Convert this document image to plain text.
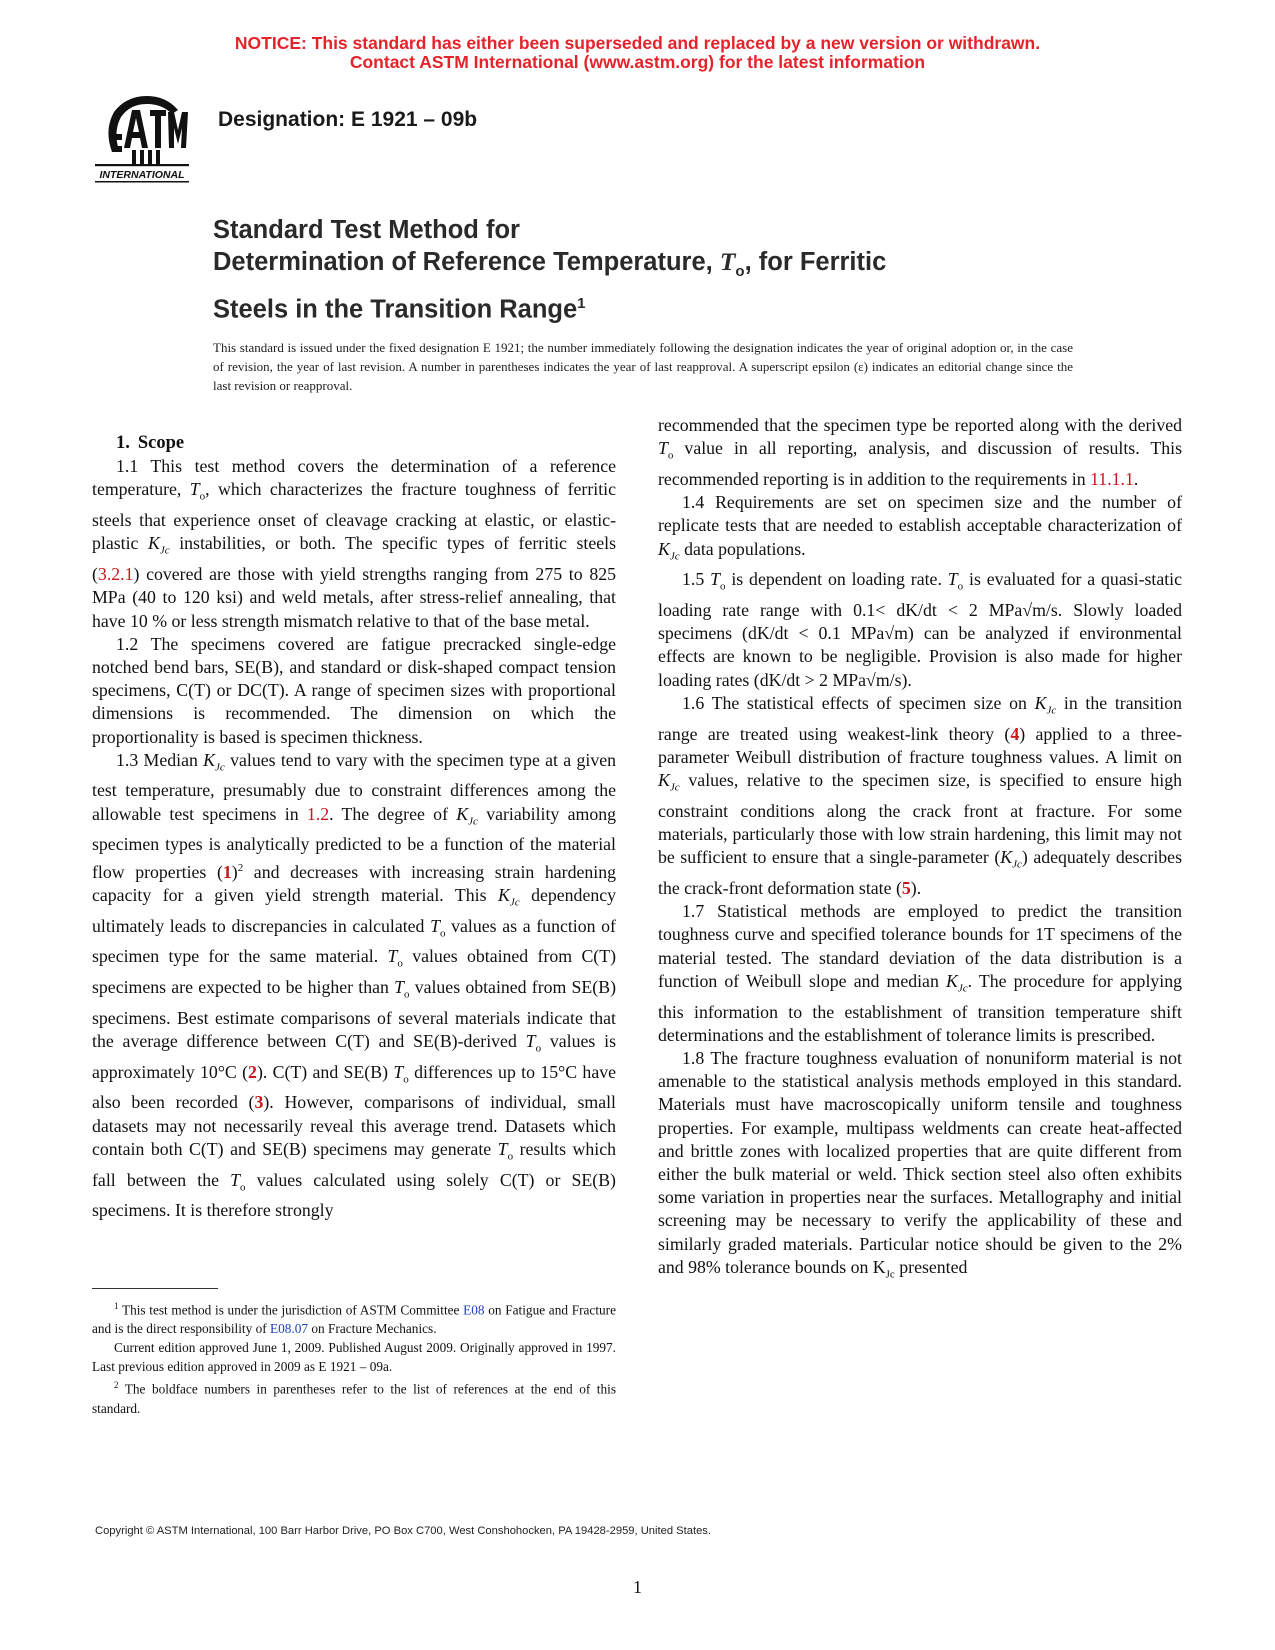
NOTICE: This standard has either been superseded and replaced by a new version or withdrawn.
Contact ASTM International (www.astm.org) for the latest information
INTERNATIONAL
Designation: E 1921 – 09b
Standard Test Method for
Determination of Reference Temperature, $T_o$, for Ferritic
Steels in the Transition Range$^1$
This standard is issued under the fixed designation E 1921; the number immediately following the designation indicates the year of original adoption or, in the case of revision, the year of last revision. A number in parentheses indicates the year of last reapproval. A superscript epsilon (ε) indicates an editorial change since the last revision or reapproval.

1. Scope

1.1 This test method covers the determination of a reference temperature, $T_o$, which characterizes the fracture toughness of ferritic steels that experience onset of cleavage cracking at elastic, or elastic-plastic $K_{Jc}$ instabilities, or both. The specific types of ferritic steels (3.2.1) covered are those with yield strengths ranging from 275 to 825 MPa (40 to 120 ksi) and weld metals, after stress-relief annealing, that have 10 % or less strength mismatch relative to that of the base metal.

1.2 The specimens covered are fatigue precracked single-edge notched bend bars, SE(B), and standard or disk-shaped compact tension specimens, C(T) or DC(T). A range of specimen sizes with proportional dimensions is recommended. The dimension on which the proportionality is based is specimen thickness.

1.3 Median $K_{Jc}$ values tend to vary with the specimen type at a given test temperature, presumably due to constraint differences among the allowable test specimens in 1.2. The degree of $K_{Jc}$ variability among specimen types is analytically predicted to be a function of the material flow properties $(1)^2$ and decreases with increasing strain hardening capacity for a given yield strength material. This $K_{Jc}$ dependency ultimately leads to discrepancies in calculated $T_o$ values as a function of specimen type for the same material. $T_o$ values obtained from C(T) specimens are expected to be higher than $T_o$ values obtained from SE(B) specimens. Best estimate comparisons of several materials indicate that the average difference between C(T) and SE(B)-derived $T_o$ values is approximately 10°C (2). C(T) and SE(B) $T_o$ differences up to 15°C have also been recorded (3). However, comparisons of individual, small datasets may not necessarily reveal this average trend. Datasets which contain both C(T) and SE(B) specimens may generate $T_o$ results which fall between the $T_o$ values calculated using solely C(T) or SE(B) specimens. It is therefore strongly

$^1$ This test method is under the jurisdiction of ASTM Committee E08 on Fatigue and Fracture and is the direct responsibility of E08.07 on Fracture Mechanics.

Current edition approved June 1, 2009. Published August 2009. Originally approved in 1997. Last previous edition approved in 2009 as E 1921 – 09a.

$^2$ The boldface numbers in parentheses refer to the list of references at the end of this standard.

recommended that the specimen type be reported along with the derived $T_o$ value in all reporting, analysis, and discussion of results. This recommended reporting is in addition to the requirements in 11.1.1.

1.4 Requirements are set on specimen size and the number of replicate tests that are needed to establish acceptable characterization of $K_{Jc}$ data populations.

1.5 $T_o$ is dependent on loading rate. $T_o$ is evaluated for a quasi-static loading rate range with 0.1< dK/dt < 2 MPa√m/s. Slowly loaded specimens (dK/dt < 0.1 MPa√m) can be analyzed if environmental effects are known to be negligible. Provision is also made for higher loading rates (dK/dt > 2 MPa√m/s).

1.6 The statistical effects of specimen size on $K_{Jc}$ in the transition range are treated using weakest-link theory (4) applied to a three-parameter Weibull distribution of fracture toughness values. A limit on $K_{Jc}$ values, relative to the specimen size, is specified to ensure high constraint conditions along the crack front at fracture. For some materials, particularly those with low strain hardening, this limit may not be sufficient to ensure that a single-parameter $(K_{Jc})$ adequately describes the crack-front deformation state (5).

1.7 Statistical methods are employed to predict the transition toughness curve and specified tolerance bounds for 1T specimens of the material tested. The standard deviation of the data distribution is a function of Weibull slope and median $K_{Jc}$. The procedure for applying this information to the establishment of transition temperature shift determinations and the establishment of tolerance limits is prescribed.

1.8 The fracture toughness evaluation of nonuniform material is not amenable to the statistical analysis methods employed in this standard. Materials must have macroscopically uniform tensile and toughness properties. For example, multipass weldments can create heat-affected and brittle zones with localized properties that are quite different from either the bulk material or weld. Thick section steel also often exhibits some variation in properties near the surfaces. Metallography and initial screening may be necessary to verify the applicability of these and similarly graded materials. Particular notice should be given to the 2% and 98% tolerance bounds on $K_{Jc}$ presented

Copyright © ASTM International, 100 Barr Harbor Drive, PO Box C700, West Conshohocken, PA 19428-2959, United States.
1
